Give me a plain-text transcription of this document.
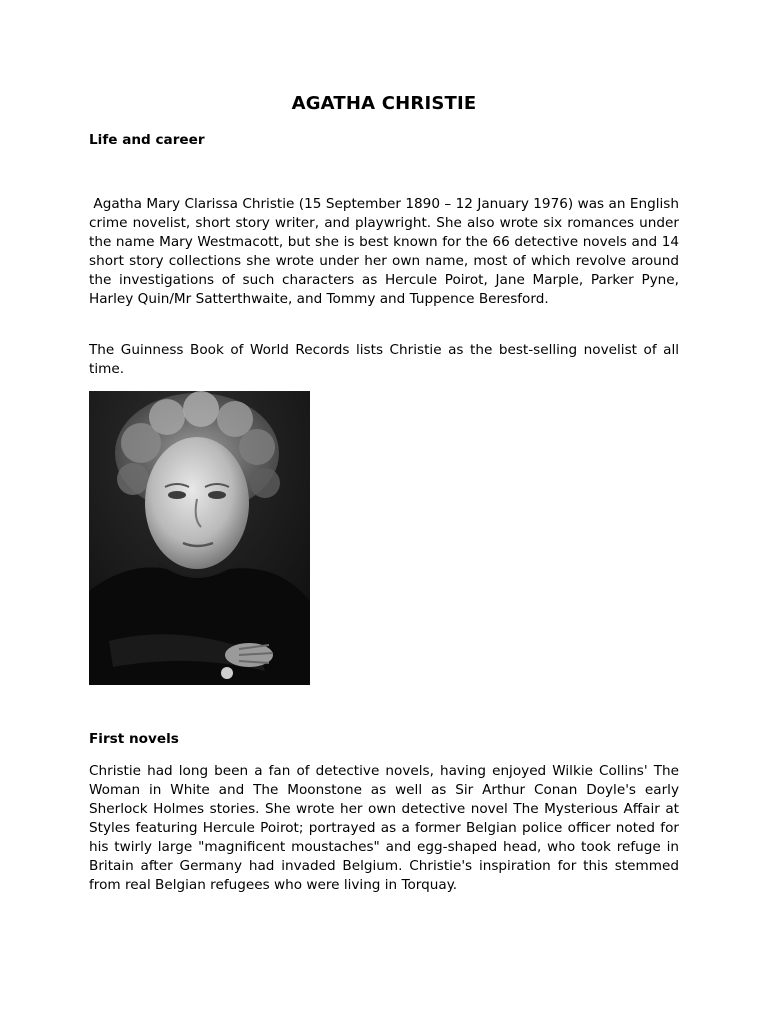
AGATHA CHRISTIE
Life and career

Agatha Mary Clarissa Christie (15 September 1890 – 12 January 1976) was an English crime novelist, short story writer, and playwright. She also wrote six romances under the name Mary Westmacott, but she is best known for the 66 detective novels and 14 short story collections she wrote under her own name, most of which revolve around the investigations of such characters as Hercule Poirot, Jane Marple, Parker Pyne, Harley Quin/Mr Satterthwaite, and Tommy and Tuppence Beresford.

The Guinness Book of World Records lists Christie as the best-selling novelist of all time.

First novels

Christie had long been a fan of detective novels, having enjoyed Wilkie Collins' The Woman in White and The Moonstone as well as Sir Arthur Conan Doyle's early Sherlock Holmes stories. She wrote her own detective novel The Mysterious Affair at Styles featuring Hercule Poirot; portrayed as a former Belgian police officer noted for his twirly large "magnificent moustaches" and egg-shaped head, who took refuge in Britain after Germany had invaded Belgium. Christie's inspiration for this stemmed from real Belgian refugees who were living in Torquay.
